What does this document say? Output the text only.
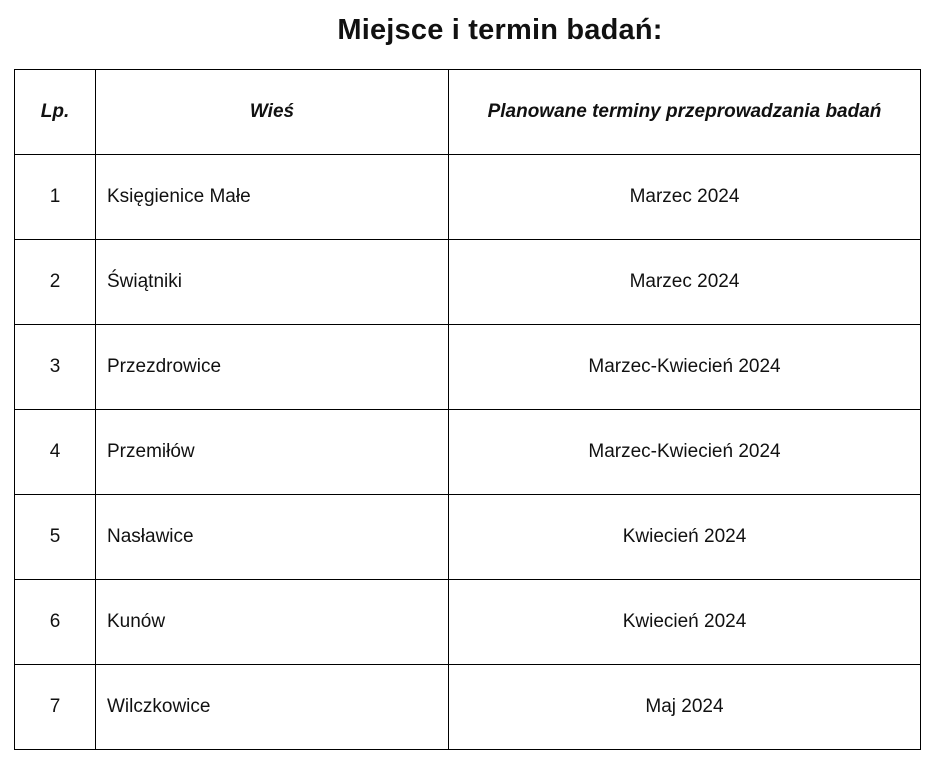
Miejsce i termin badań:
Lp.	Wieś	Planowane terminy przeprowadzania badań
1	Księgienice Małe	Marzec 2024
2	Świątniki	Marzec 2024
3	Przezdrowice	Marzec-Kwiecień 2024
4	Przemiłów	Marzec-Kwiecień 2024
5	Nasławice	Kwiecień 2024
6	Kunów	Kwiecień 2024
7	Wilczkowice	Maj 2024
